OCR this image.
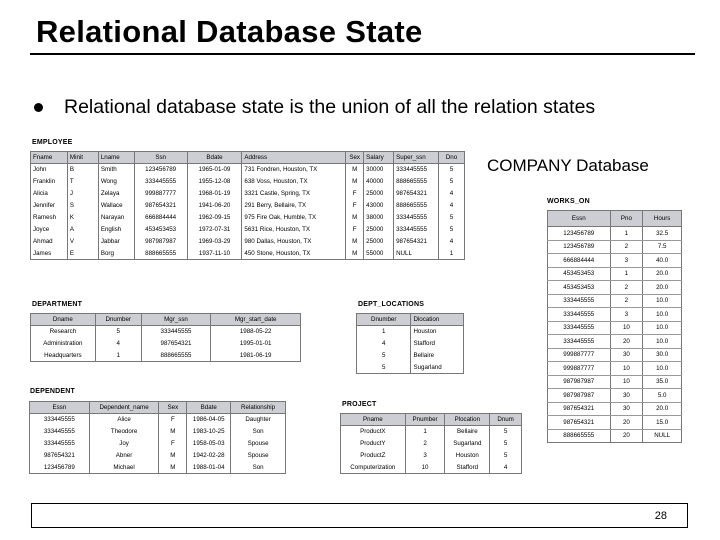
Relational Database State
Relational database state is the union of all the relation states
COMPANY Database
EMPLOYEE
Fname	Minit	Lname	Ssn	Bdate	Address	Sex	Salary	Super_ssn	Dno
John	B	Smith	123456789	1965-01-09	731 Fondren, Houston, TX	M	30000	333445555	5
Franklin	T	Wong	333445555	1955-12-08	638 Voss, Houston, TX	M	40000	888665555	5
Alicia	J	Zelaya	999887777	1968-01-19	3321 Castle, Spring, TX	F	25000	987654321	4
Jennifer	S	Wallace	987654321	1941-06-20	291 Berry, Bellaire, TX	F	43000	888665555	4
Ramesh	K	Narayan	666884444	1962-09-15	975 Fire Oak, Humble, TX	M	38000	333445555	5
Joyce	A	English	453453453	1972-07-31	5631 Rice, Houston, TX	F	25000	333445555	5
Ahmad	V	Jabbar	987987987	1969-03-29	980 Dallas, Houston, TX	M	25000	987654321	4
James	E	Borg	888665555	1937-11-10	450 Stone, Houston, TX	M	55000	NULL	1
DEPARTMENT
Dname	Dnumber	Mgr_ssn	Mgr_start_date
Research	5	333445555	1988-05-22
Administration	4	987654321	1995-01-01
Headquarters	1	888665555	1981-06-19
DEPT_LOCATIONS
Dnumber	Dlocation
1	Houston
4	Stafford
5	Bellaire
5	Sugarland
DEPENDENT
Essn	Dependent_name	Sex	Bdate	Relationship
333445555	Alice	F	1986-04-05	Daughter
333445555	Theodore	M	1983-10-25	Son
333445555	Joy	F	1958-05-03	Spouse
987654321	Abner	M	1942-02-28	Spouse
123456789	Michael	M	1988-01-04	Son
PROJECT
Pname	Pnumber	Plocation	Dnum
ProductX	1	Bellaire	5
ProductY	2	Sugarland	5
ProductZ	3	Houston	5
Computerization	10	Stafford	4
WORKS_ON
Essn	Pno	Hours
123456789	1	32.5
123456789	2	7.5
666884444	3	40.0
453453453	1	20.0
453453453	2	20.0
333445555	2	10.0
333445555	3	10.0
333445555	10	10.0
333445555	20	10.0
999887777	30	30.0
999887777	10	10.0
987987987	10	35.0
987987987	30	5.0
987654321	30	20.0
987654321	20	15.0
888665555	20	NULL
28
